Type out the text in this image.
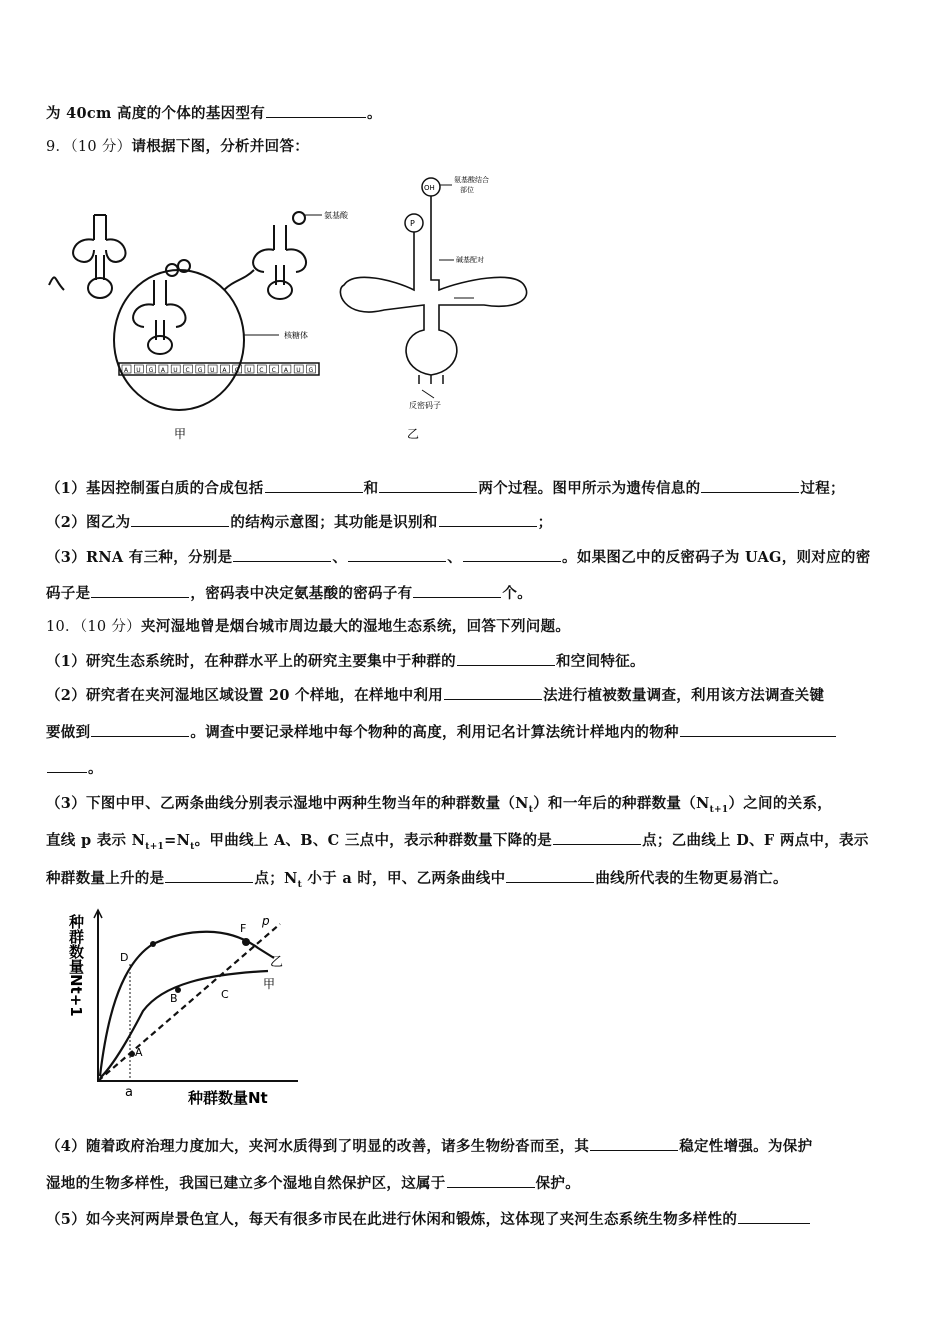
为 40cm 高度的个体的基因型有	。
9．（10 分）请根据下图，分析并回答：
氨基酸
核糖体
OH
P
氨基酸结合
部位
碱基配对
反密码子
甲	乙
A U G A U C G U A C U C C A U G
（1）基因控制蛋白质的合成包括	和	两个过程。图甲所示为遗传信息的	过程；
（2）图乙为	的结构示意图；其功能是识别和	；
（3）RNA 有三种，分别是	、	、	。如果图乙中的反密码子为 UAG，则对应的密
码子是	，密码表中决定氨基酸的密码子有	个。
10．（10 分）夹河湿地曾是烟台城市周边最大的湿地生态系统，回答下列问题。
（1）研究生态系统时，在种群水平上的研究主要集中于种群的	和空间特征。
（2）研究者在夹河湿地区域设置 20 个样地，在样地中利用	法进行植被数量调查，利用该方法调查关键
要做到	。调查中要记录样地中每个物种的高度，利用记名计算法统计样地内的物种
。
（3）下图中甲、乙两条曲线分别表示湿地中两种生物当年的种群数量$(N_t)$和一年后的种群数量$(N_{t+1})$之间的关系，
直线 p 表示 $N_{t+1}=N_t$。甲曲线上 A、B、C 三点中，表示种群数量下降的是	点；乙曲线上 D、F 两点中，表示
种群数量上升的是	点；$N_t$ 小于 a 时，甲、乙两条曲线中	曲线所代表的生物更易消亡。
A
B	C
D
F
p
乙
甲
a	种群数量Nt
种群数量Nt+1
（4）随着政府治理力度加大，夹河水质得到了明显的改善，诸多生物纷沓而至，其	稳定性增强。为保护
湿地的生物多样性，我国已建立多个湿地自然保护区，这属于	保护。
（5）如今夹河两岸景色宜人，每天有很多市民在此进行休闲和锻炼，这体现了夹河生态系统生物多样性的
